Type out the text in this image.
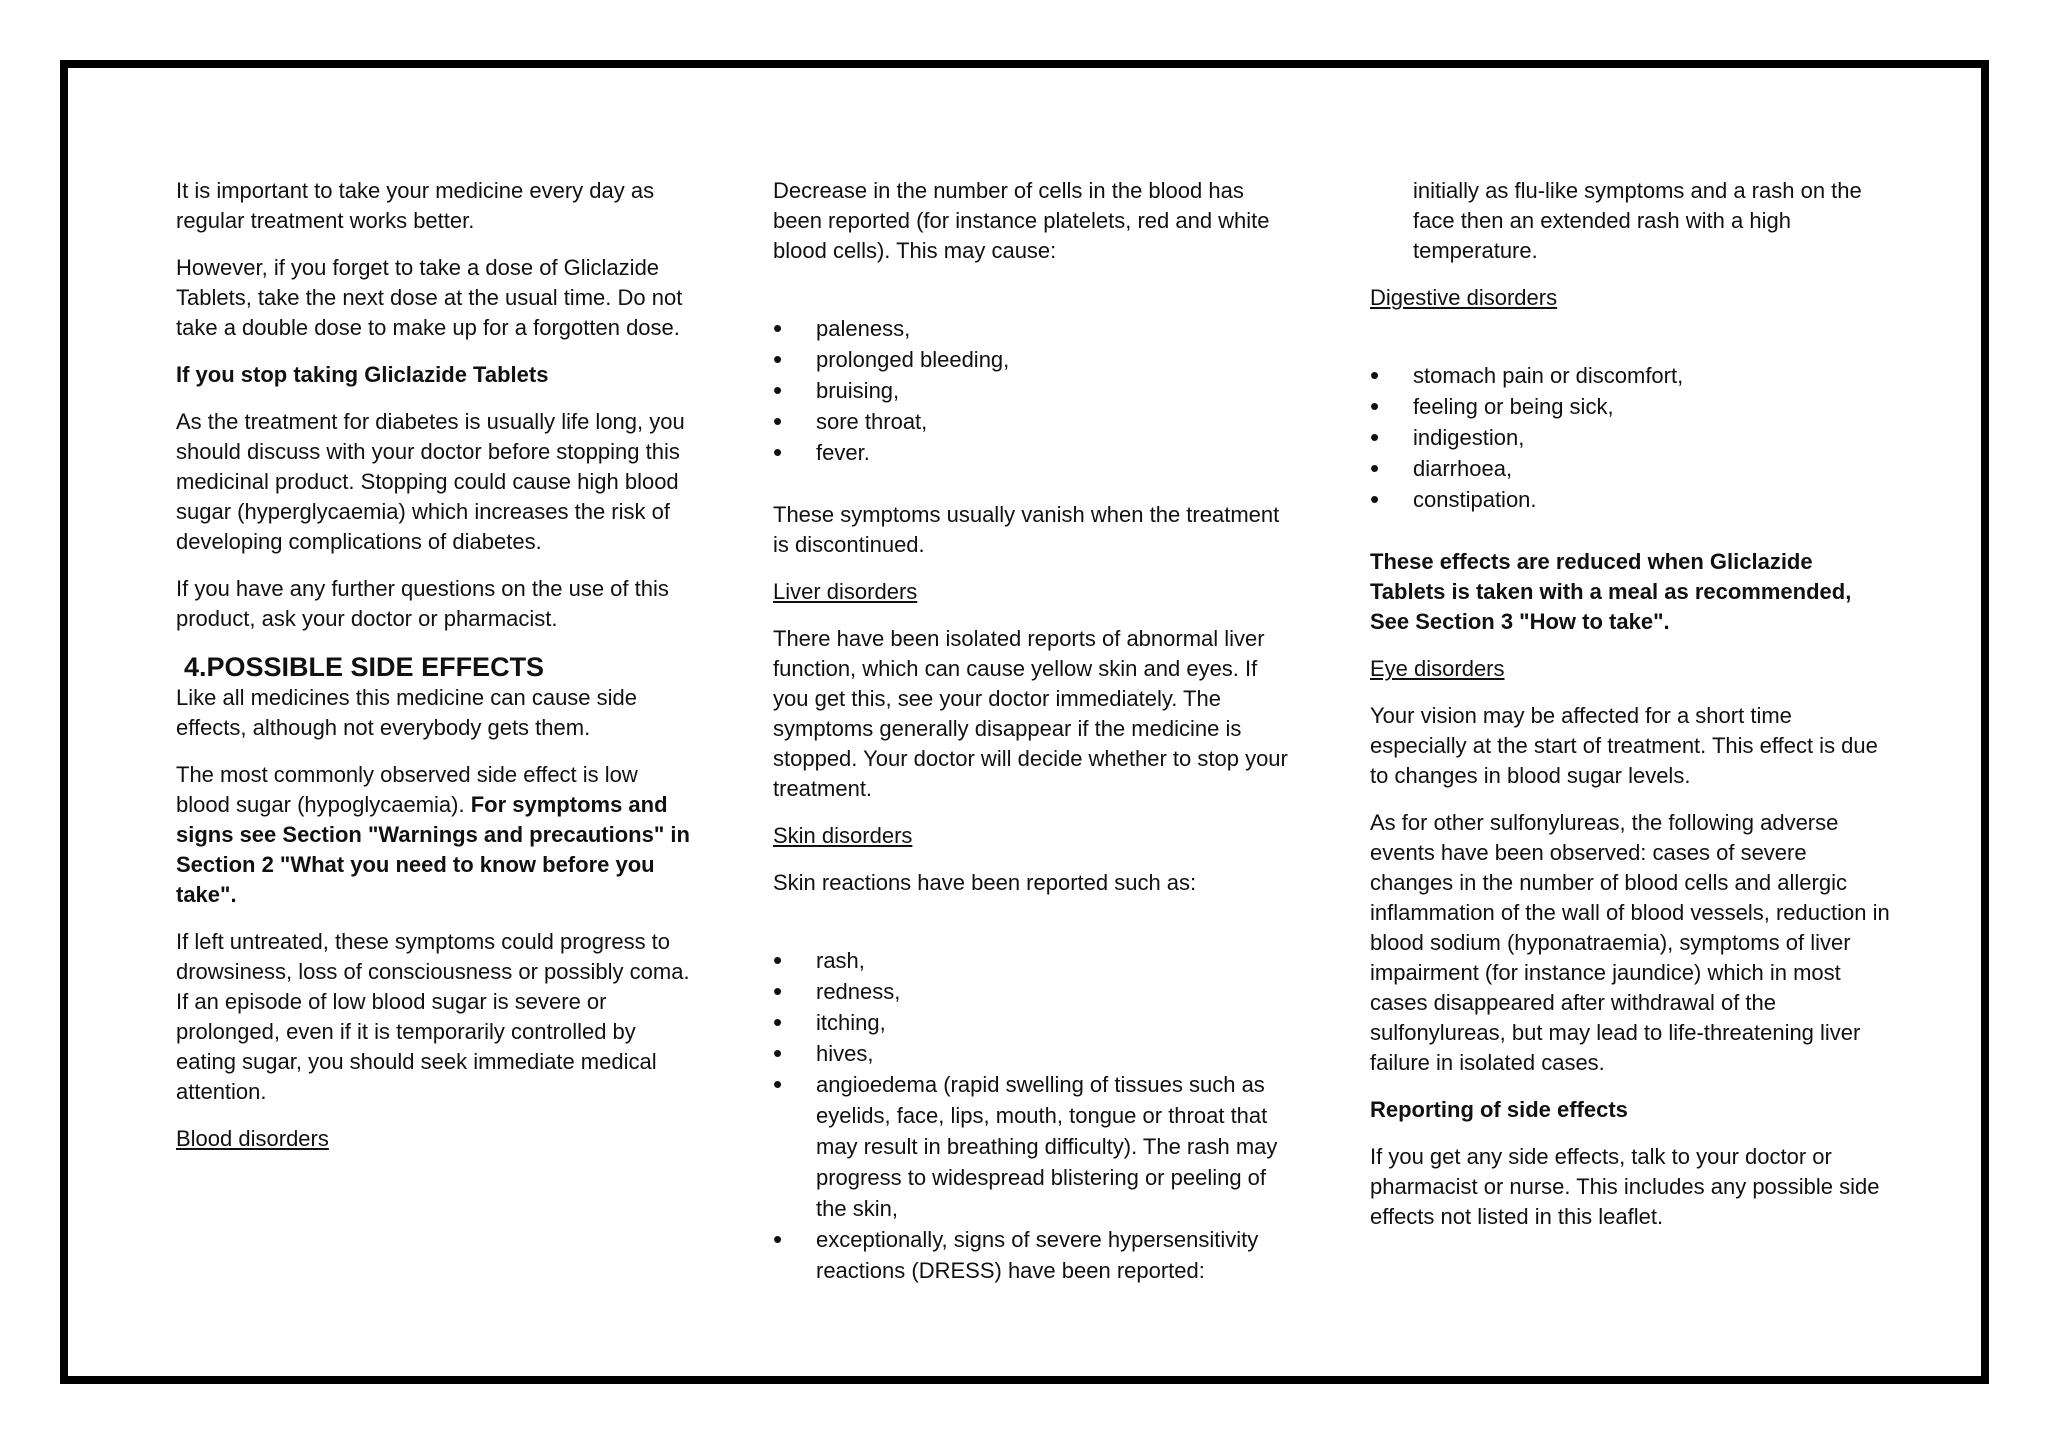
It is important to take your medicine every day as regular treatment works better.

However, if you forget to take a dose of Gliclazide Tablets, take the next dose at the usual time. Do not take a double dose to make up for a forgotten dose.

If you stop taking Gliclazide Tablets

As the treatment for diabetes is usually life long, you should discuss with your doctor before stopping this medicinal product. Stopping could cause high blood sugar (hyperglycaemia) which increases the risk of developing complications of diabetes.

If you have any further questions on the use of this product, ask your doctor or pharmacist.

4.POSSIBLE SIDE EFFECTS

Like all medicines this medicine can cause side effects, although not everybody gets them.

The most commonly observed side effect is low blood sugar (hypoglycaemia). For symptoms and signs see Section "Warnings and precautions" in Section 2 "What you need to know before you take".

If left untreated, these symptoms could progress to drowsiness, loss of consciousness or possibly coma. If an episode of low blood sugar is severe or prolonged, even if it is temporarily controlled by eating sugar, you should seek immediate medical attention.

Blood disorders

Decrease in the number of cells in the blood has been reported (for instance platelets, red and white blood cells). This may cause:

• paleness,
• prolonged bleeding,
• bruising,
• sore throat,
• fever.

These symptoms usually vanish when the treatment is discontinued.

Liver disorders

There have been isolated reports of abnormal liver function, which can cause yellow skin and eyes. If you get this, see your doctor immediately. The symptoms generally disappear if the medicine is stopped. Your doctor will decide whether to stop your treatment.

Skin disorders

Skin reactions have been reported such as:

• rash,
• redness,
• itching,
• hives,
• angioedema (rapid swelling of tissues such as eyelids, face, lips, mouth, tongue or throat that may result in breathing difficulty). The rash may progress to widespread blistering or peeling of the skin,
• exceptionally, signs of severe hypersensitivity reactions (DRESS) have been reported:

initially as flu-like symptoms and a rash on the face then an extended rash with a high temperature.

Digestive disorders

• stomach pain or discomfort,
• feeling or being sick,
• indigestion,
• diarrhoea,
• constipation.

These effects are reduced when Gliclazide Tablets is taken with a meal as recommended, See Section 3 "How to take".

Eye disorders

Your vision may be affected for a short time especially at the start of treatment. This effect is due to changes in blood sugar levels.

As for other sulfonylureas, the following adverse events have been observed: cases of severe changes in the number of blood cells and allergic inflammation of the wall of blood vessels, reduction in blood sodium (hyponatraemia), symptoms of liver impairment (for instance jaundice) which in most cases disappeared after withdrawal of the sulfonylureas, but may lead to life-threatening liver failure in isolated cases.

Reporting of side effects

If you get any side effects, talk to your doctor or pharmacist or nurse. This includes any possible side effects not listed in this leaflet.
